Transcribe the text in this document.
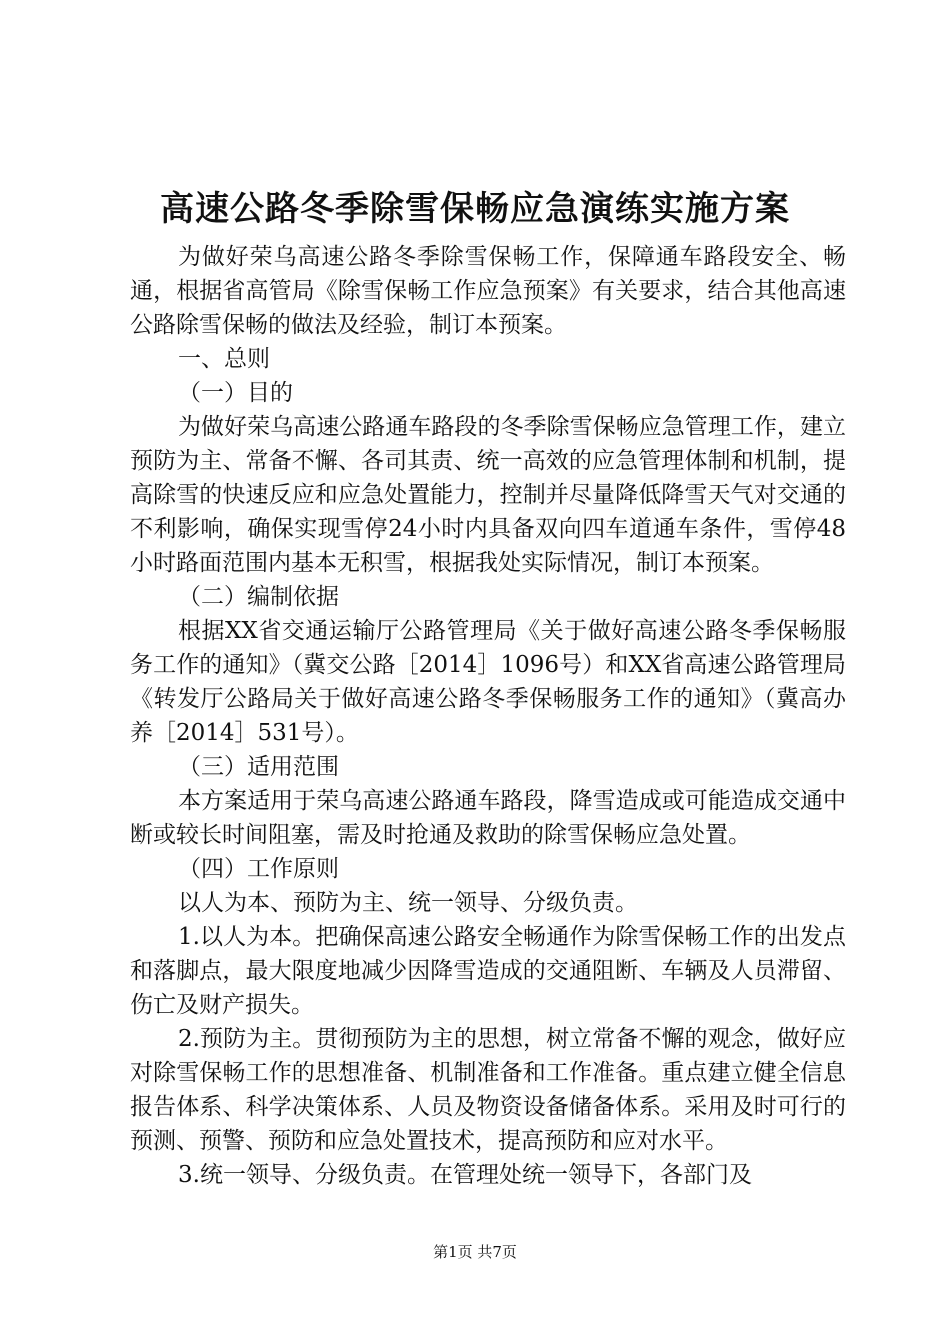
高速公路冬季除雪保畅应急演练实施方案

为做好荣乌高速公路冬季除雪保畅工作，保障通车路段安全、畅通，根据省高管局《除雪保畅工作应急预案》有关要求，结合其他高速公路除雪保畅的做法及经验，制订本预案。

一、总则

（一）目的

为做好荣乌高速公路通车路段的冬季除雪保畅应急管理工作，建立预防为主、常备不懈、各司其责、统一高效的应急管理体制和机制，提高除雪的快速反应和应急处置能力，控制并尽量降低降雪天气对交通的不利影响，确保实现雪停24小时内具备双向四车道通车条件，雪停48小时路面范围内基本无积雪，根据我处实际情况，制订本预案。

（二）编制依据

根据XX省交通运输厅公路管理局《关于做好高速公路冬季保畅服务工作的通知》（冀交公路［2014］1096号）和XX省高速公路管理局《转发厅公路局关于做好高速公路冬季保畅服务工作的通知》（冀高办养［2014］531号）。

（三）适用范围

本方案适用于荣乌高速公路通车路段，降雪造成或可能造成交通中断或较长时间阻塞，需及时抢通及救助的除雪保畅应急处置。

（四）工作原则

以人为本、预防为主、统一领导、分级负责。

1.以人为本。把确保高速公路安全畅通作为除雪保畅工作的出发点和落脚点，最大限度地减少因降雪造成的交通阻断、车辆及人员滞留、伤亡及财产损失。

2.预防为主。贯彻预防为主的思想，树立常备不懈的观念，做好应对除雪保畅工作的思想准备、机制准备和工作准备。重点建立健全信息报告体系、科学决策体系、人员及物资设备储备体系。采用及时可行的预测、预警、预防和应急处置技术，提高预防和应对水平。

3.统一领导、分级负责。在管理处统一领导下，各部门及

第1页 共7页
